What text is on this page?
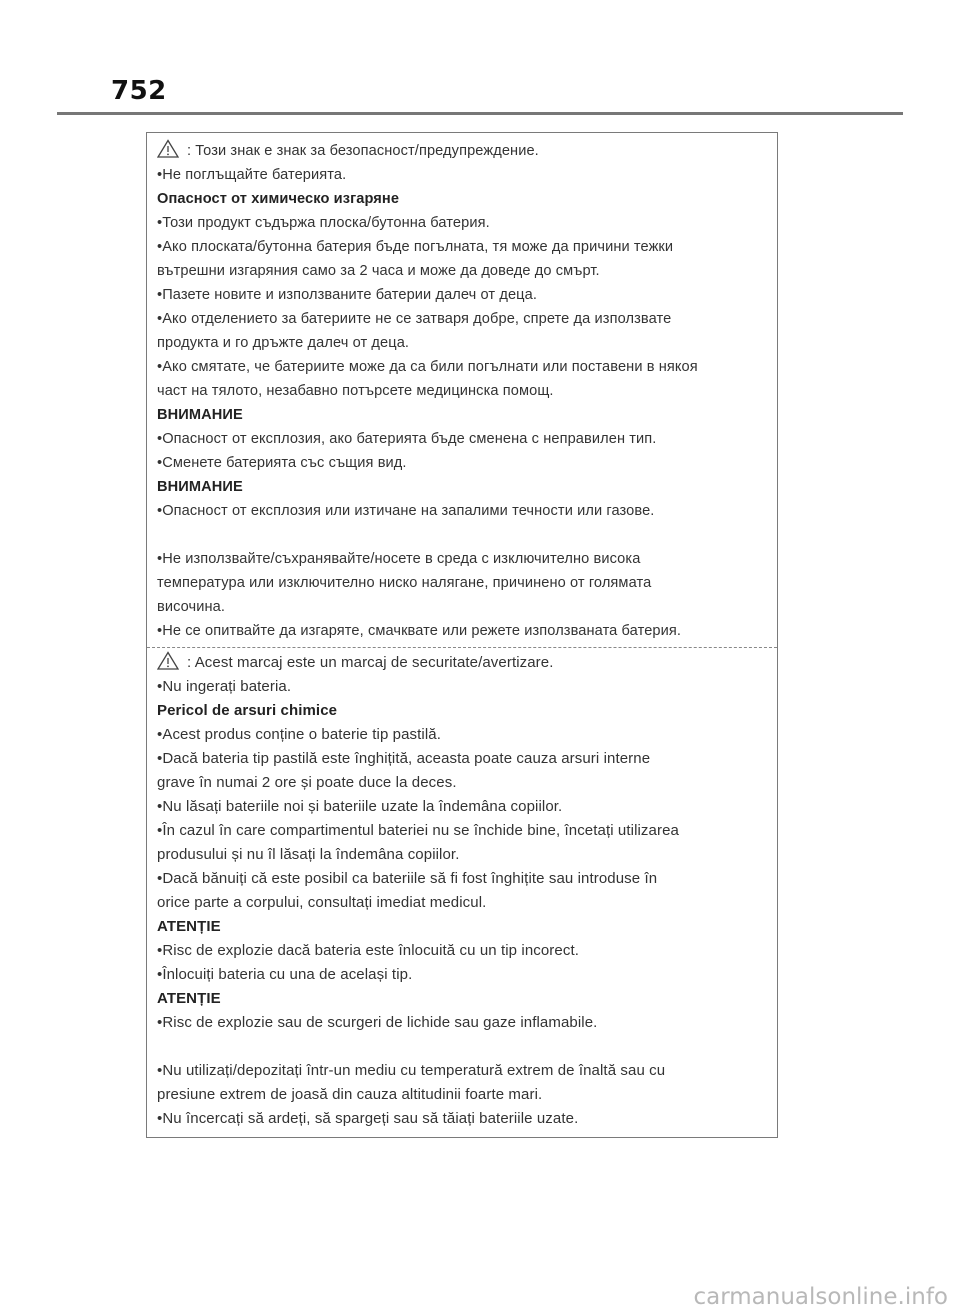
752
: Този знак е знак за безопасност/предупреждение.
•Не поглъщайте батерията.
Опасност от химическо изгаряне
•Този продукт съдържа плоска/бутонна батерия.
•Ако плоската/бутонна батерия бъде погълната, тя може да причини тежки
вътрешни изгаряния само за 2 часа и може да доведе до смърт.
•Пазете новите и използваните батерии далеч от деца.
•Ако отделението за батериите не се затваря добре, спрете да използвате
продукта и го дръжте далеч от деца.
•Ако смятате, че батериите може да са били погълнати или поставени в някоя
част на тялото, незабавно потърсете медицинска помощ.
ВНИМАНИЕ
•Опасност от експлозия, ако батерията бъде сменена с неправилен тип.
•Сменете батерията със същия вид.
ВНИМАНИЕ
•Опасност от експлозия или изтичане на запалими течности или газове.
•Не използвайте/съхранявайте/носете в среда с изключително висока
температура или изключително ниско налягане, причинено от голямата
височина.
•Не се опитвайте да изгаряте, смачквате или режете използваната батерия.
: Acest marcaj este un marcaj de securitate/avertizare.
•Nu ingerați bateria.
Pericol de arsuri chimice
•Acest produs conține o baterie tip pastilă.
•Dacă bateria tip pastilă este înghițită, aceasta poate cauza arsuri interne
grave în numai 2 ore și poate duce la deces.
•Nu lăsați bateriile noi și bateriile uzate la îndemâna copiilor.
•În cazul în care compartimentul bateriei nu se închide bine, încetați utilizarea
produsului și nu îl lăsați la îndemâna copiilor.
•Dacă bănuiți că este posibil ca bateriile să fi fost înghițite sau introduse în
orice parte a corpului, consultați imediat medicul.
ATENȚIE
•Risc de explozie dacă bateria este înlocuită cu un tip incorect.
•Înlocuiți bateria cu una de același tip.
ATENȚIE
•Risc de explozie sau de scurgeri de lichide sau gaze inflamabile.
•Nu utilizați/depozitați într-un mediu cu temperatură extrem de înaltă sau cu
presiune extrem de joasă din cauza altitudinii foarte mari.
•Nu încercați să ardeți, să spargeți sau să tăiați bateriile uzate.
carmanualsonline.info
